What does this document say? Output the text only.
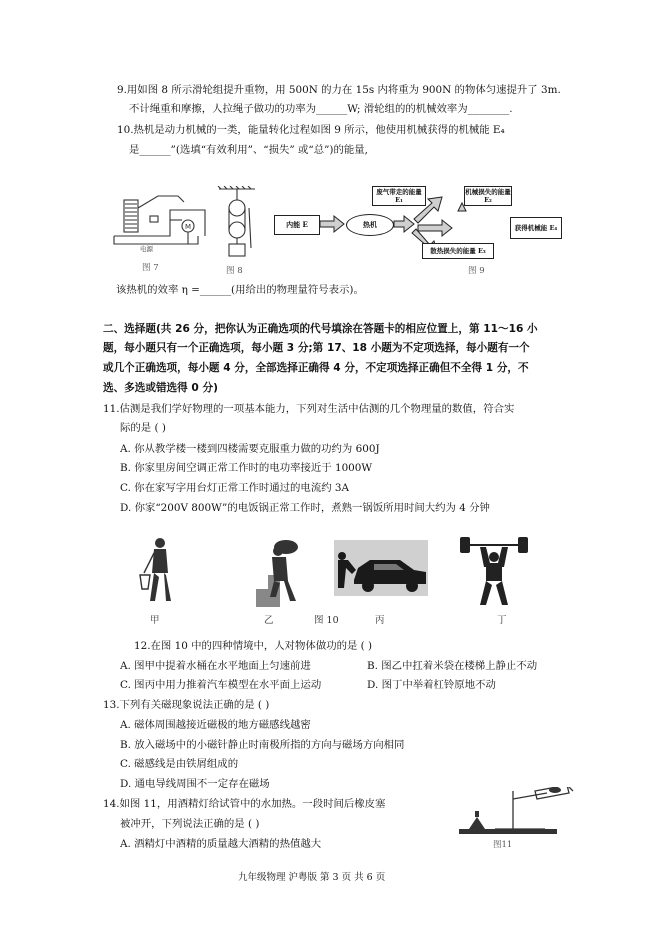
9.用如图 8 所示滑轮组提升重物，用 500N 的力在 15s 内将重为 900N 的物体匀速提升了 3m.
不计绳重和摩擦，人拉绳子做功的功率为______W; 滑轮组的的机械效率为________.
10.热机是动力机械的一类，能量转化过程如图 9 所示，他使用机械获得的机械能 E₄
是______”(选填“有效利用”、“损失” 或“总”)的能量,
M
电源
图 7	图 8
内能 E	热机
废气带走的能量 E₁
机械损失的能量 E₂
获得机械能 E₄
散热损失的能量 E₃
图 9
该热机的效率 η =______(用给出的物理量符号表示)。
二、选择题(共 26 分，把你认为正确选项的代号填涂在答题卡的相应位置上，第 11～16 小
题，每小题只有一个正确选项，每小题 3 分;第 17、18 小题为不定项选择，每小题有一个
或几个正确选项，每小题 4 分，全部选择正确得 4 分，不定项选择正确但不全得 1 分，不
选、多选或错选得 0 分)
11.估测是我们学好物理的一项基本能力，下列对生活中估测的几个物理量的数值，符合实
际的是 ( )
A. 你从教学楼一楼到四楼需要克服重力做的功约为 600J
B. 你家里房间空调正常工作时的电功率接近于 1000W
C. 你在家写字用台灯正常工作时通过的电流约 3A
D. 你家“200V 800W”的电饭锅正常工作时，煮熟一锅饭所用时间大约为 4 分钟
甲	乙	图 10	丙	丁
12.在图 10 中的四种情境中，人对物体做功的是 ( )
A. 图甲中提着水桶在水平地面上匀速前进	B. 图乙中扛着米袋在楼梯上静止不动
C. 图丙中用力推着汽车模型在水平面上运动	D. 图丁中举着杠铃原地不动
13.下列有关磁现象说法正确的是 ( )
A. 磁体周围越接近磁极的地方磁感线越密
B. 放入磁场中的小磁针静止时南极所指的方向与磁场方向相同
C. 磁感线是由铁屑组成的
D. 通电导线周围不一定存在磁场
14.如图 11，用酒精灯给试管中的水加热。一段时间后橡皮塞
被冲开，下列说法正确的是 ( )
A. 酒精灯中酒精的质量越大酒精的热值越大	图11
九年级物理 沪粤版 第 3 页 共 6 页
